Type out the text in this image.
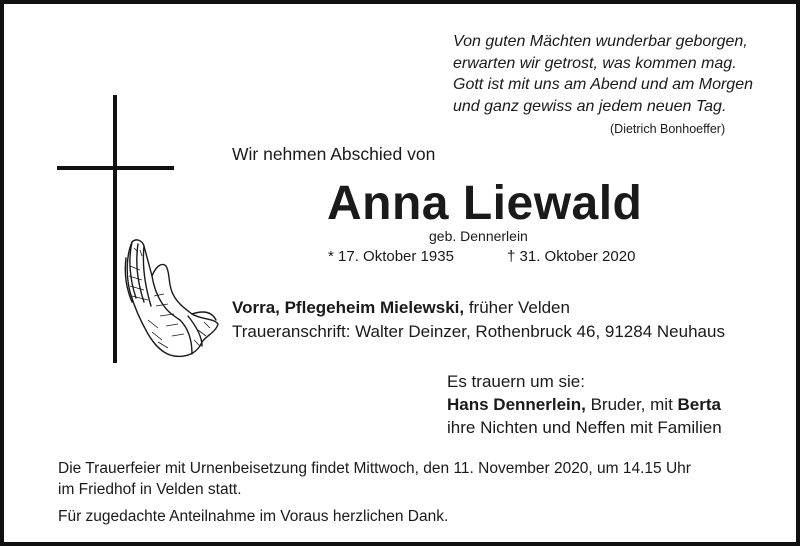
Von guten Mächten wunderbar geborgen,
erwarten wir getrost, was kommen mag.
Gott ist mit uns am Abend und am Morgen
und ganz gewiss an jedem neuen Tag.
(Dietrich Bonhoeffer)
Wir nehmen Abschied von
Anna Liewald
geb. Dennerlein
* 17. Oktober 1935	† 31. Oktober 2020
Vorra, Pflegeheim Mielewski, früher Velden
Traueranschrift: Walter Deinzer, Rothenbruck 46, 91284 Neuhaus
Es trauern um sie:
Hans Dennerlein, Bruder, mit Berta
ihre Nichten und Neffen mit Familien
Die Trauerfeier mit Urnenbeisetzung findet Mittwoch, den 11. November 2020, um 14.15 Uhr
im Friedhof in Velden statt.
Für zugedachte Anteilnahme im Voraus herzlichen Dank.
